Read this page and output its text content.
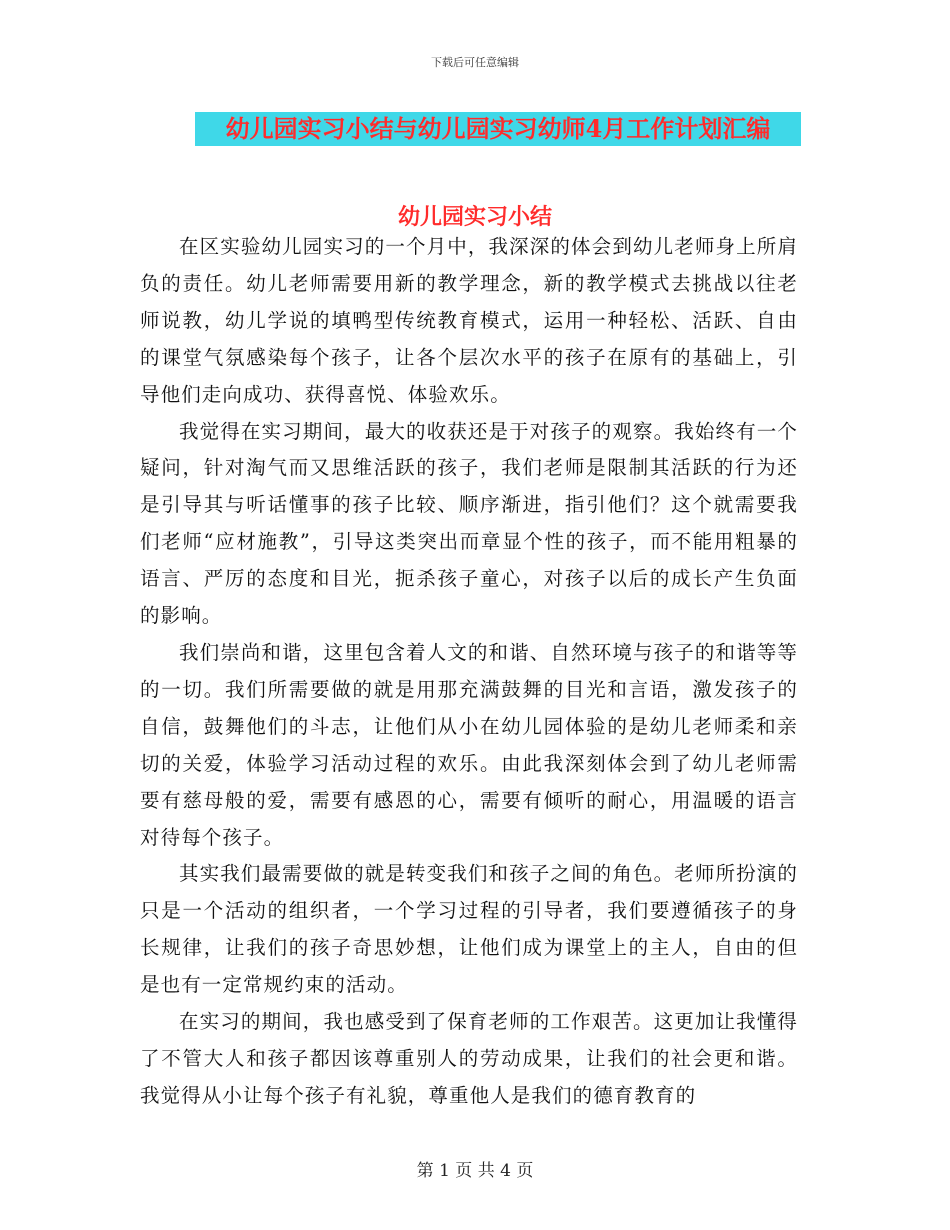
下载后可任意编辑
幼儿园实习小结与幼儿园实习幼师4月工作计划汇编
幼儿园实习小结

在区实验幼儿园实习的一个月中，我深深的体会到幼儿老师身上所肩负的责任。幼儿老师需要用新的教学理念，新的教学模式去挑战以往老师说教，幼儿学说的填鸭型传统教育模式，运用一种轻松、活跃、自由的课堂气氛感染每个孩子，让各个层次水平的孩子在原有的基础上，引导他们走向成功、获得喜悦、体验欢乐。

我觉得在实习期间，最大的收获还是于对孩子的观察。我始终有一个疑问，针对淘气而又思维活跃的孩子，我们老师是限制其活跃的行为还是引导其与听话懂事的孩子比较、顺序渐进，指引他们？这个就需要我们老师“应材施教”，引导这类突出而章显个性的孩子，而不能用粗暴的语言、严厉的态度和目光，扼杀孩子童心，对孩子以后的成长产生负面的影响。

我们崇尚和谐，这里包含着人文的和谐、自然环境与孩子的和谐等等的一切。我们所需要做的就是用那充满鼓舞的目光和言语，激发孩子的自信，鼓舞他们的斗志，让他们从小在幼儿园体验的是幼儿老师柔和亲切的关爱，体验学习活动过程的欢乐。由此我深刻体会到了幼儿老师需要有慈母般的爱，需要有感恩的心，需要有倾听的耐心，用温暖的语言对待每个孩子。

其实我们最需要做的就是转变我们和孩子之间的角色。老师所扮演的只是一个活动的组织者，一个学习过程的引导者，我们要遵循孩子的身长规律，让我们的孩子奇思妙想，让他们成为课堂上的主人，自由的但是也有一定常规约束的活动。

在实习的期间，我也感受到了保育老师的工作艰苦。这更加让我懂得了不管大人和孩子都因该尊重别人的劳动成果，让我们的社会更和谐。我觉得从小让每个孩子有礼貌，尊重他人是我们的德育教育的

第 1 页 共 4 页
